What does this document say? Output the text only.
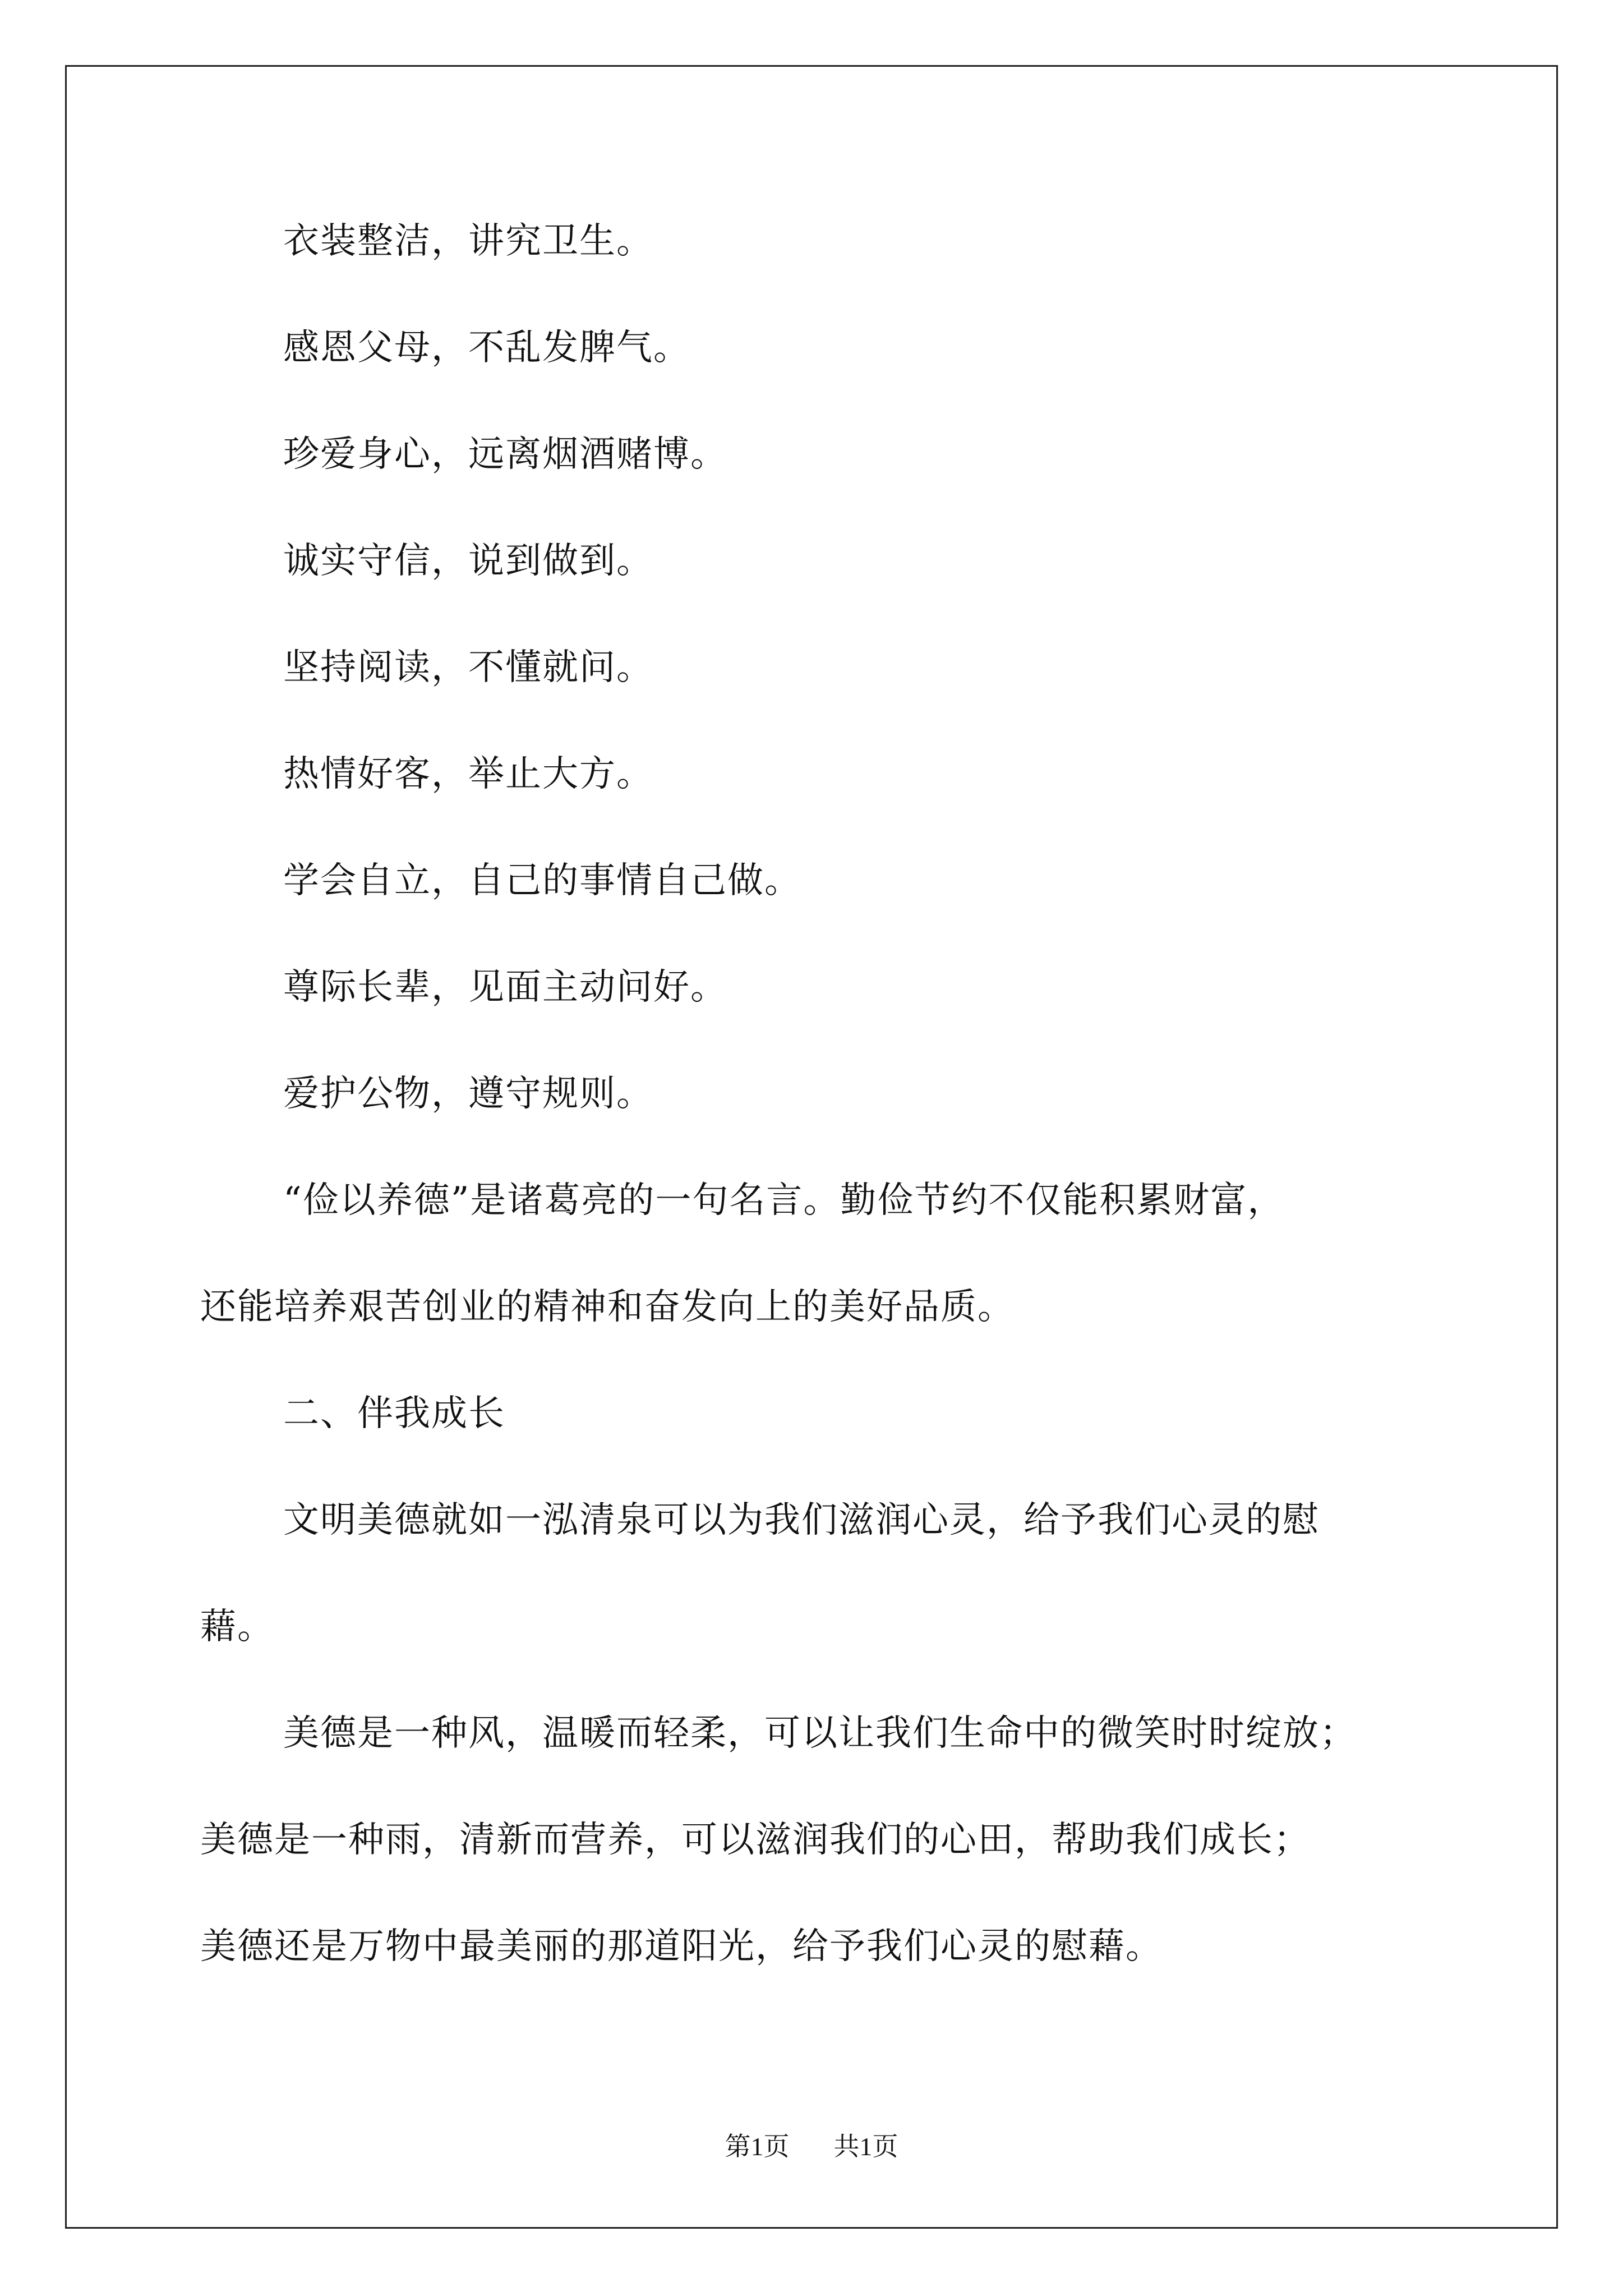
衣装整洁，讲究卫生。
感恩父母，不乱发脾气。
珍爱身心，远离烟酒赌博。
诚实守信，说到做到。
坚持阅读，不懂就问。
热情好客，举止大方。
学会自立，自己的事情自己做。
尊际长辈，见面主动问好。
爱护公物，遵守规则。
“俭以养德”是诸葛亮的一句名言。勤俭节约不仅能积累财富，
还能培养艰苦创业的精神和奋发向上的美好品质。
二、伴我成长
文明美德就如一泓清泉可以为我们滋润心灵，给予我们心灵的慰
藉。
美德是一种风，温暖而轻柔，可以让我们生命中的微笑时时绽放；
美德是一种雨，清新而营养，可以滋润我们的心田，帮助我们成长；
美德还是万物中最美丽的那道阳光，给予我们心灵的慰藉。
第1页 共1页
